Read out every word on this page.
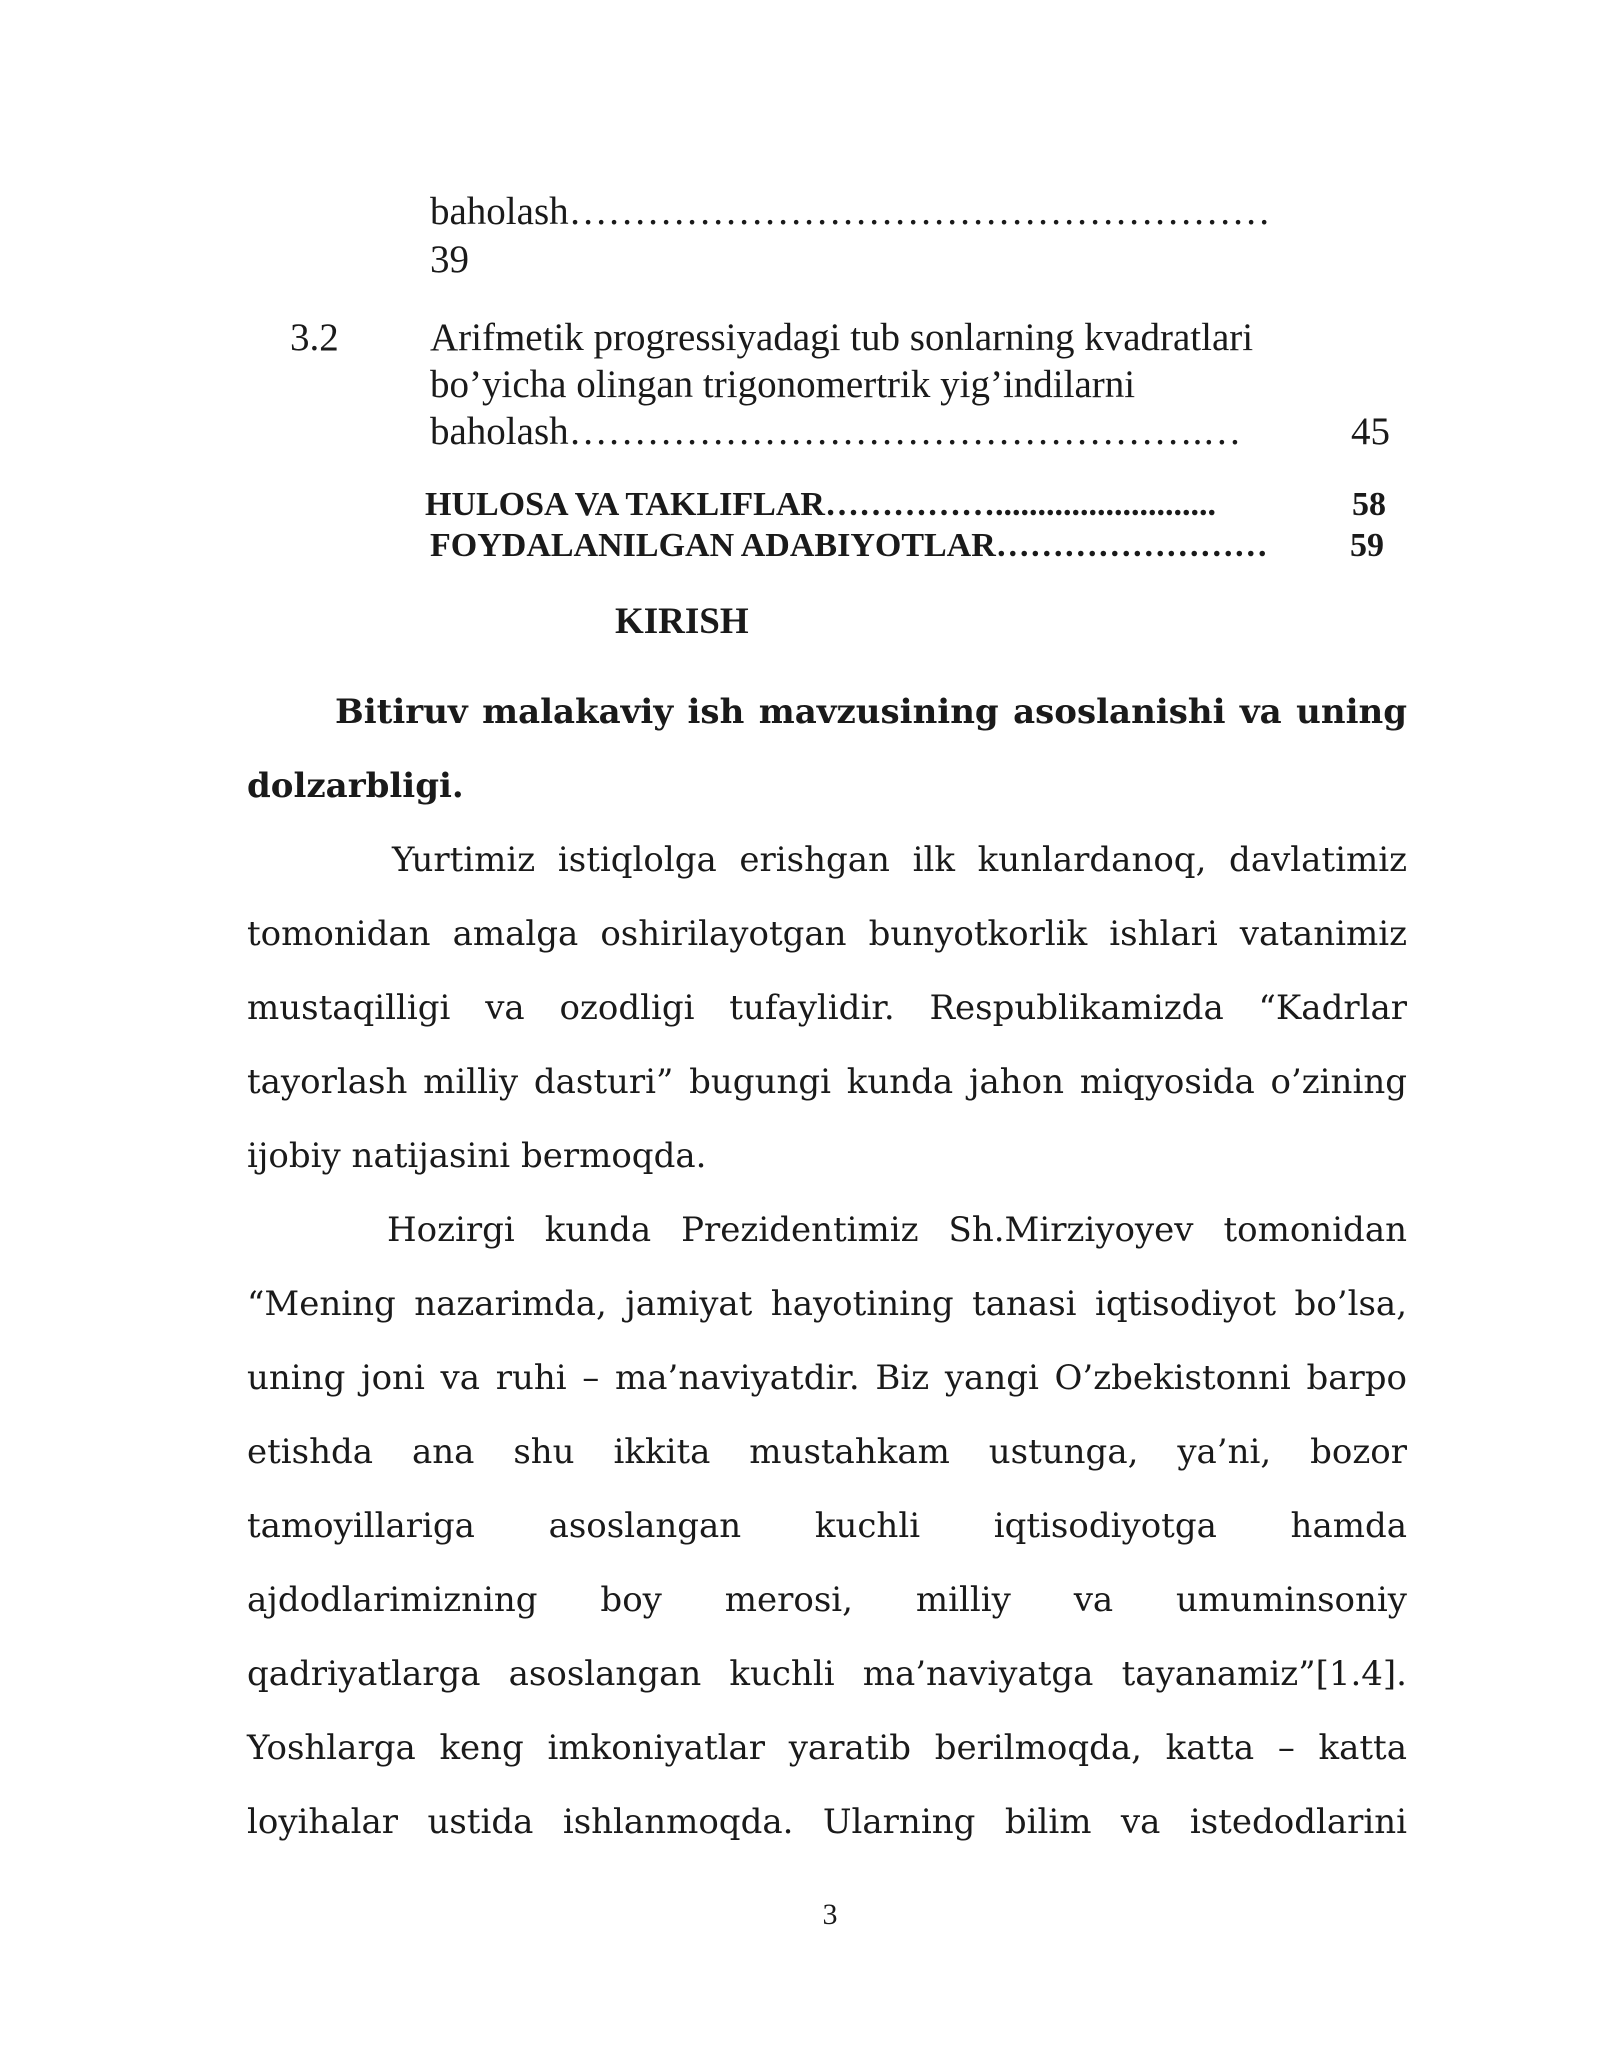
baholash………………………………………………
39
3.2 Arifmetik progressiyadagi tub sonlarning kvadratlari
bo’yicha olingan trigonomertrik yig’indilarni
baholash………………………………………….…	45
HULOSA VA TAKLIFLAR……………..........................	58
FOYDALANILGAN ADABIYOTLAR……………………	59
KIRISH
Bitiruv malakaviy ish mavzusining asoslanishi va uning
dolzarbligi.
Yurtimiz istiqlolga erishgan ilk kunlardanoq, davlatimiz
tomonidan amalga oshirilayotgan bunyotkorlik ishlari vatanimiz
mustaqilligi va ozodligi tufaylidir. Respublikamizda “Kadrlar
tayorlash milliy dasturi” bugungi kunda jahon miqyosida o’zining
ijobiy natijasini bermoqda.
Hozirgi kunda Prezidentimiz Sh.Mirziyoyev tomonidan
“Mening nazarimda, jamiyat hayotining tanasi iqtisodiyot bo’lsa,
uning joni va ruhi – ma’naviyatdir. Biz yangi O’zbekistonni barpo
etishda ana shu ikkita mustahkam ustunga, ya’ni, bozor
tamoyillariga asoslangan kuchli iqtisodiyotga hamda
ajdodlarimizning boy merosi, milliy va umuminsoniy
qadriyatlarga asoslangan kuchli ma’naviyatga tayanamiz”[1.4].
Yoshlarga keng imkoniyatlar yaratib berilmoqda, katta – katta
loyihalar ustida ishlanmoqda. Ularning bilim va istedodlarini
3
